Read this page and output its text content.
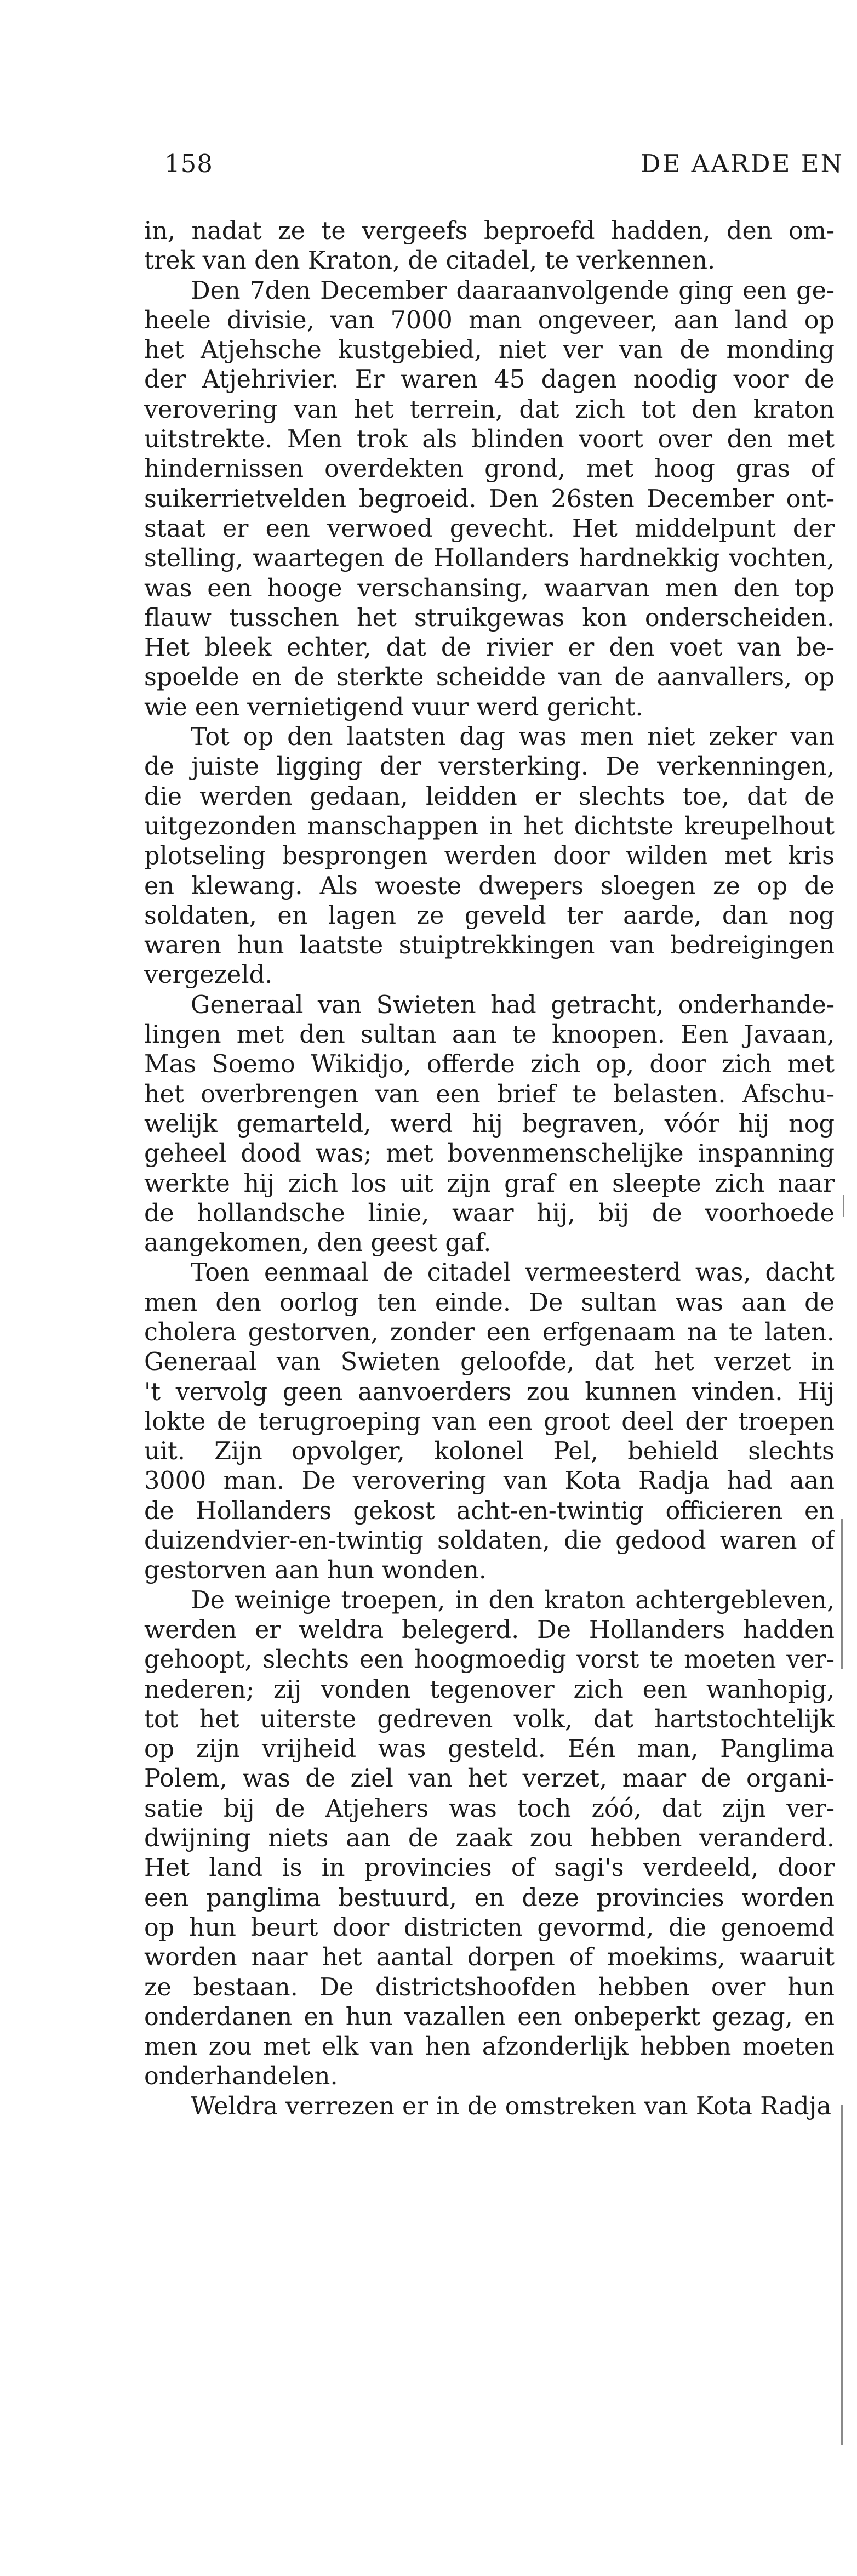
158	DE AARDE EN
in, nadat ze te vergeefs beproefd hadden, den om-
trek van den Kraton, de citadel, te verkennen.
Den 7den December daaraanvolgende ging een ge-
heele divisie, van 7000 man ongeveer, aan land op
het Atjehsche kustgebied, niet ver van de monding
der Atjehrivier. Er waren 45 dagen noodig voor de
verovering van het terrein, dat zich tot den kraton
uitstrekte. Men trok als blinden voort over den met
hindernissen overdekten grond, met hoog gras of
suikerrietvelden begroeid. Den 26sten December ont-
staat er een verwoed gevecht. Het middelpunt der
stelling, waartegen de Hollanders hardnekkig vochten,
was een hooge verschansing, waarvan men den top
flauw tusschen het struikgewas kon onderscheiden.
Het bleek echter, dat de rivier er den voet van be-
spoelde en de sterkte scheidde van de aanvallers, op
wie een vernietigend vuur werd gericht.
Tot op den laatsten dag was men niet zeker van
de juiste ligging der versterking. De verkenningen,
die werden gedaan, leidden er slechts toe, dat de
uitgezonden manschappen in het dichtste kreupelhout
plotseling besprongen werden door wilden met kris
en klewang. Als woeste dwepers sloegen ze op de
soldaten, en lagen ze geveld ter aarde, dan nog
waren hun laatste stuiptrekkingen van bedreigingen
vergezeld.
Generaal van Swieten had getracht, onderhande-
lingen met den sultan aan te knoopen. Een Javaan,
Mas Soemo Wikidjo, offerde zich op, door zich met
het overbrengen van een brief te belasten. Afschu-
welijk gemarteld, werd hij begraven, vóór hij nog
geheel dood was; met bovenmenschelijke inspanning
werkte hij zich los uit zijn graf en sleepte zich naar
de hollandsche linie, waar hij, bij de voorhoede
aangekomen, den geest gaf.
Toen eenmaal de citadel vermeesterd was, dacht
men den oorlog ten einde. De sultan was aan de
cholera gestorven, zonder een erfgenaam na te laten.
Generaal van Swieten geloofde, dat het verzet in
't vervolg geen aanvoerders zou kunnen vinden. Hij
lokte de terugroeping van een groot deel der troepen
uit. Zijn opvolger, kolonel Pel, behield slechts
3000 man. De verovering van Kota Radja had aan
de Hollanders gekost acht-en-twintig officieren en
duizendvier-en-twintig soldaten, die gedood waren of
gestorven aan hun wonden.
De weinige troepen, in den kraton achtergebleven,
werden er weldra belegerd. De Hollanders hadden
gehoopt, slechts een hoogmoedig vorst te moeten ver-
nederen; zij vonden tegenover zich een wanhopig,
tot het uiterste gedreven volk, dat hartstochtelijk
op zijn vrijheid was gesteld. Eén man, Panglima
Polem, was de ziel van het verzet, maar de organi-
satie bij de Atjehers was toch zóó, dat zijn ver-
dwijning niets aan de zaak zou hebben veranderd.
Het land is in provincies of sagi's verdeeld, door
een panglima bestuurd, en deze provincies worden
op hun beurt door districten gevormd, die genoemd
worden naar het aantal dorpen of moekims, waaruit
ze bestaan. De districtshoofden hebben over hun
onderdanen en hun vazallen een onbeperkt gezag, en
men zou met elk van hen afzonderlijk hebben moeten
onderhandelen.
Weldra verrezen er in de omstreken van Kota Radja
